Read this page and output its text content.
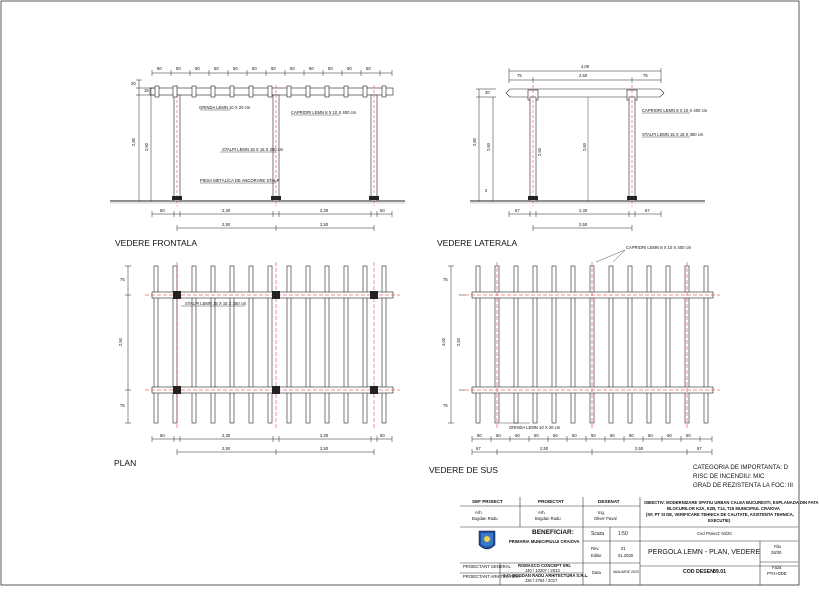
VEDERE FRONTALA	VEDERE LATERALA
PLAN
VEDERE DE SUS
GRINDA LEMN 10 X 20 cm
CAPRIORI LEMN 8 X 10 X 400 cm
STALPI LEMN 15 X 15 X 350 cm
PIESA METALICA DE ANCORARE STALP
50	50	50	50	50	50	50	50	50	50	50	50
20
15
2,80
2,60
50	2,30	2,30	50
2,50	2,50
4,00
75	2,50	75
CAPRIORI LEMN 8 X 10 X 400 cm
STALPI LEMN 15 X 15 X 350 cm
2,80
2,60
2,50
2,60
20
2
67	2,30	67
2,50
STALPI LEMN 15 X 15 X 350 cm
75
2,50
75
50	2,30	2,30	50
2,50	2,50
CAPRIORI LEMN 8 X 10 X 400 cm
GRINDA LEMN 10 X 20 cm
75
4,00 2,50
75
50	50	50	50	50	50	50	50	50	50	50	50
67	2,50	2,50	67
CATEGORIA DE IMPORTANTA: D
RISC DE INCENDIU: MIC
GRAD DE REZISTENTA LA FOC: III
SEF PROIECT	PROIECTAT	DESENAT
Arh.
Bogdan Radu
Arh.
Bogdan Radu
Ing.
Oliver Paval
BENEFICIAR:
PRIMARIA MUNICIPIULUI CRAIOVA
PROIECTANT GENERAL
PROIECTANT ARHITECTURA
ROMASCO CONCEPT SRL
J40 / 10207 / 2013
S.C. BOGDAN RADU ARHITECTURA S.R.L.
J26 / 2764 / 2017
Scara	1:50
Rev.	01
Editie	01.2020
Data	IANUARIE 2020
OBIECTIV: MODERNIZARE SPATIU URBAN CALEA BUCURESTI, ESPLANADA DIN FATA
BLOCURILOR K2A, K2B, T14, T15 MUNICIPIUL CRAIOVA
(SF, PT SI DE, VERIFICARE TEHNICA DE CALITATE, ASISTENTA TEHNICA,
EXECUTIE)
Cod Proiect: 04/20
PERGOLA LEMN - PLAN, VEDERE
COD DESEN:
09.01
Fila
28/30
Faza
PTH+DDE
